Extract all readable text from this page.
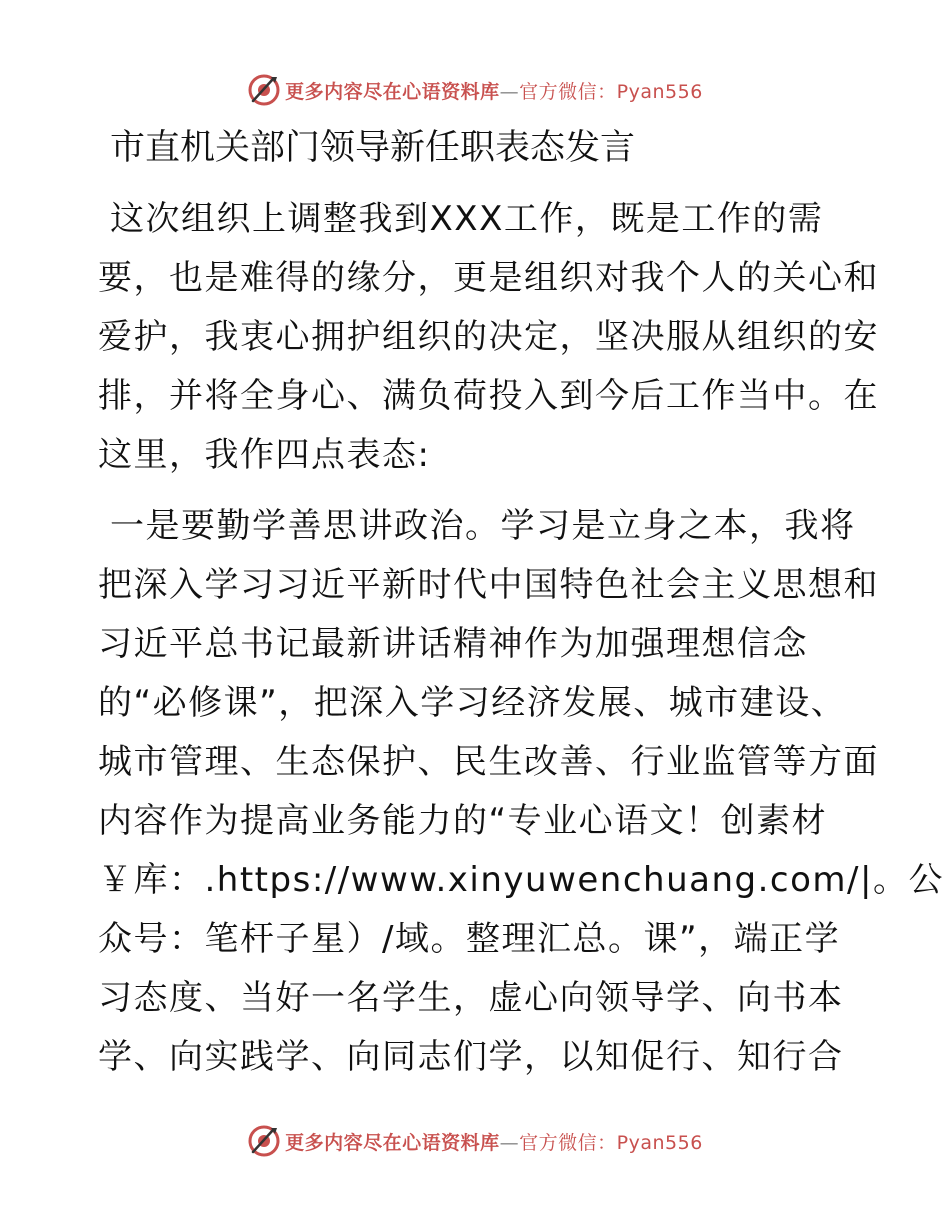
更多内容尽在心语资料库—官方微信：Pyan556
市直机关部门领导新任职表态发言
这次组织上调整我到XXX工作，既是工作的需
要，也是难得的缘分，更是组织对我个人的关心和
爱护，我衷心拥护组织的决定，坚决服从组织的安
排，并将全身心、满负荷投入到今后工作当中。在
这里，我作四点表态:
一是要勤学善思讲政治。学习是立身之本，我将
把深入学习习近平新时代中国特色社会主义思想和
习近平总书记最新讲话精神作为加强理想信念
的“必修课”，把深入学习经济发展、城市建设、
城市管理、生态保护、民生改善、行业监管等方面
内容作为提高业务能力的“专业心语文！创素材
￥库：.https://www.xinyuwenchuang.com/|。公
众号：笔杆子星）/域。整理汇总。课”，端正学
习态度、当好一名学生，虚心向领导学、向书本
学、向实践学、向同志们学，以知促行、知行合
更多内容尽在心语资料库—官方微信：Pyan556
